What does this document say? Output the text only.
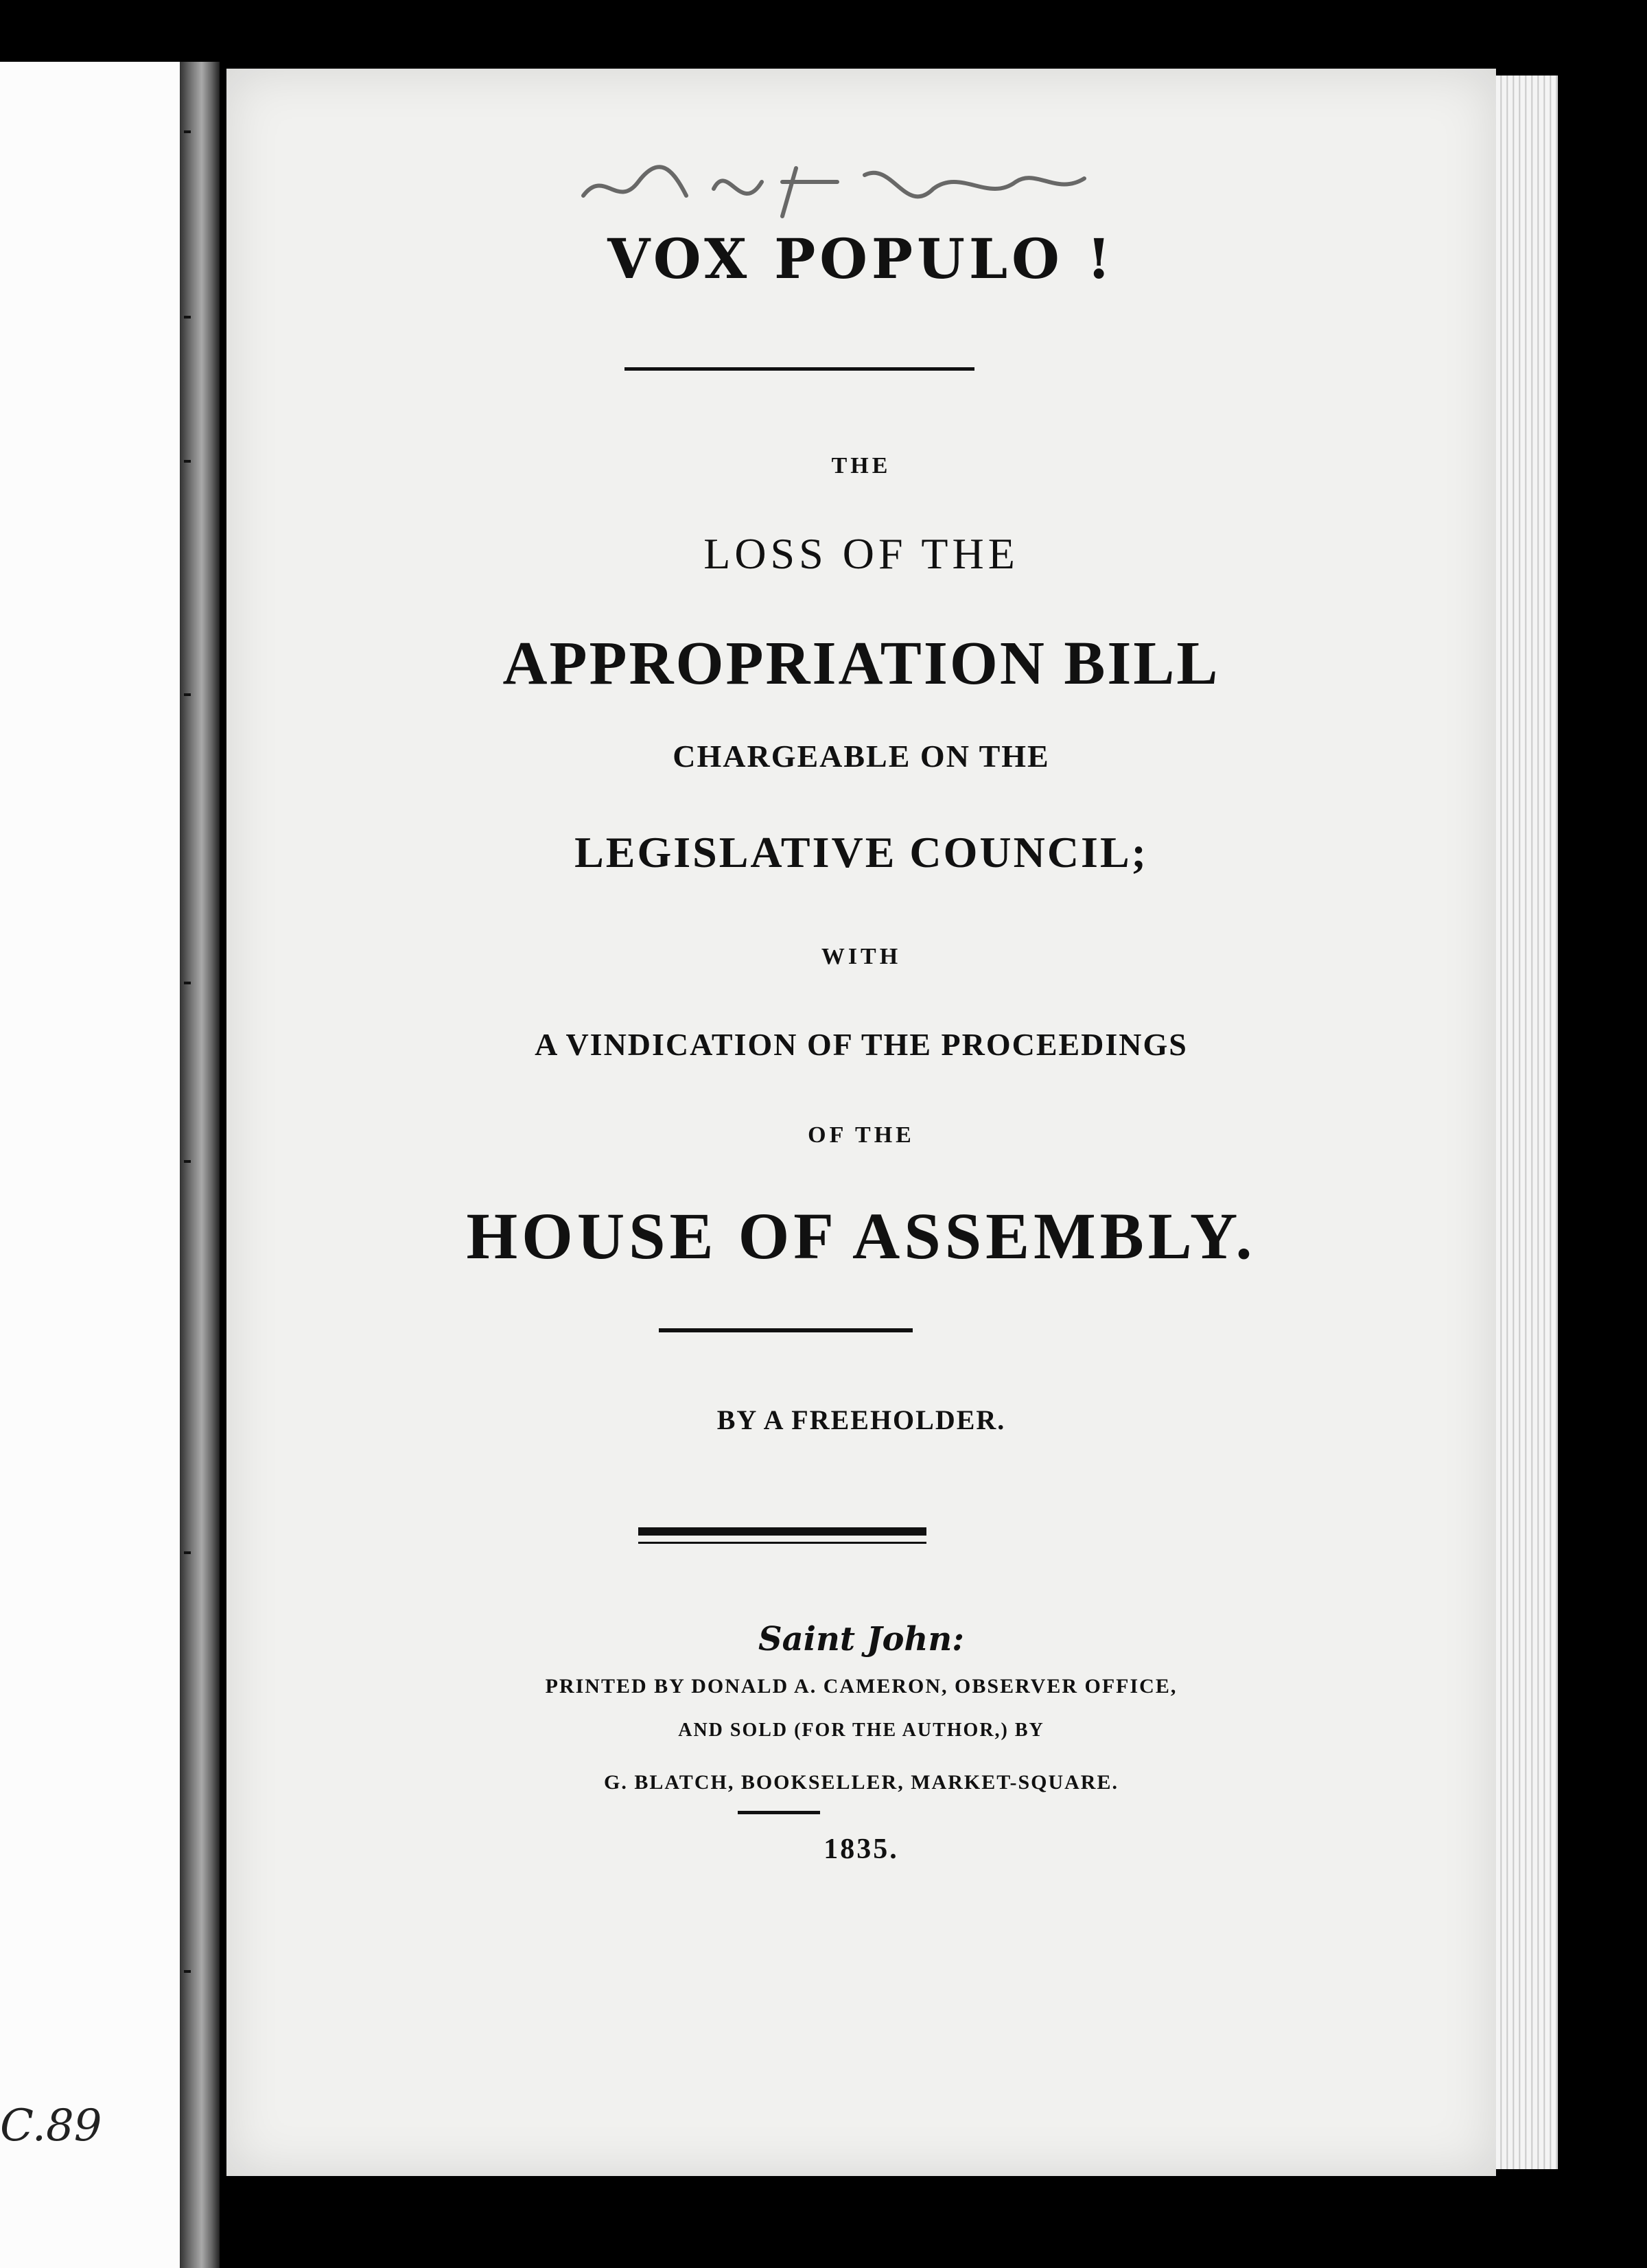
C.89
VOX POPULO !
THE
LOSS OF THE
APPROPRIATION BILL
CHARGEABLE ON THE
LEGISLATIVE COUNCIL;
WITH
A VINDICATION OF THE PROCEEDINGS
OF THE
HOUSE OF ASSEMBLY.
BY A FREEHOLDER.
Saint John:
PRINTED BY DONALD A. CAMERON, OBSERVER OFFICE,
AND SOLD (FOR THE AUTHOR,) BY
G. BLATCH, BOOKSELLER, MARKET-SQUARE.
1835.
